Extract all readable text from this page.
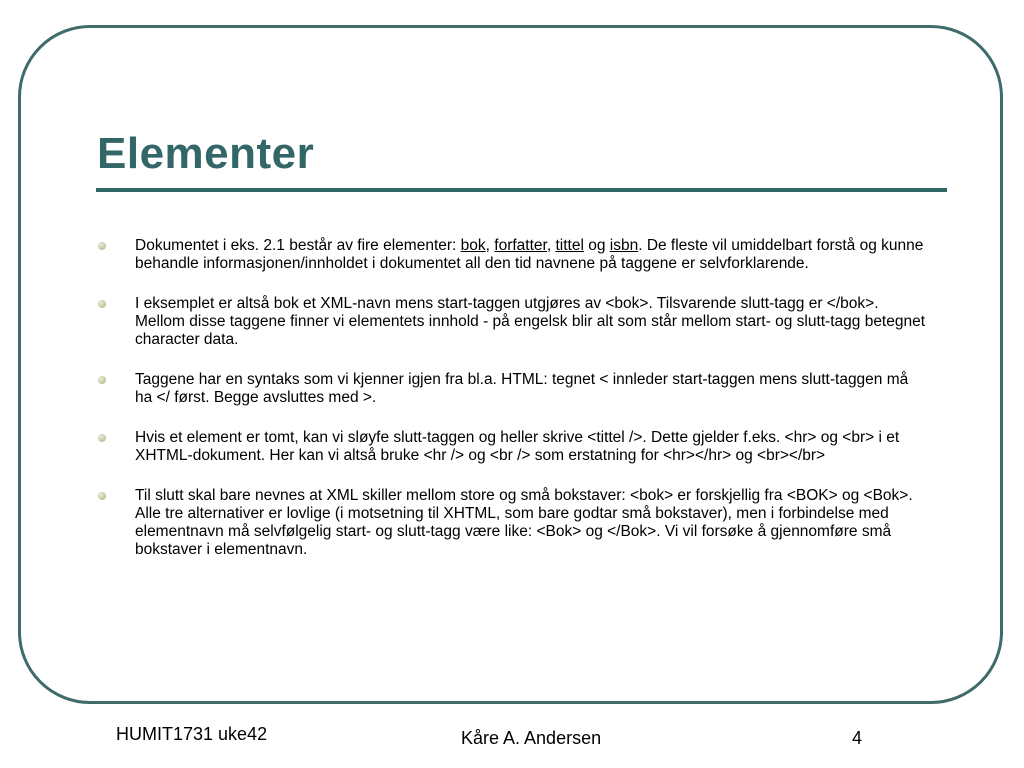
Elementer
Dokumentet i eks. 2.1 består av fire elementer: bok, forfatter, tittel og isbn. De fleste vil umiddelbart forstå og kunne behandle informasjonen/innholdet i dokumentet all den tid navnene på taggene er selvforklarende.
I eksemplet er altså bok et XML-navn mens start-taggen utgjøres av <bok>. Tilsvarende slutt-tagg er </bok>. Mellom disse taggene finner vi elementets innhold - på engelsk blir alt som står mellom start- og slutt-tagg betegnet character data.
Taggene har en syntaks som vi kjenner igjen fra bl.a. HTML: tegnet < innleder start-taggen mens slutt-taggen må ha </ først. Begge avsluttes med >.
Hvis et element er tomt, kan vi sløyfe slutt-taggen og heller skrive <tittel />. Dette gjelder f.eks. <hr> og <br> i et XHTML-dokument. Her kan vi altså bruke <hr /> og <br /> som erstatning for <hr></hr> og <br></br>
Til slutt skal bare nevnes at XML skiller mellom store og små bokstaver: <bok> er forskjellig fra <BOK> og <Bok>. Alle tre alternativer er lovlige (i motsetning til XHTML, som bare godtar små bokstaver), men i forbindelse med elementnavn må selvfølgelig start- og slutt-tagg være like: <Bok> og </Bok>. Vi vil forsøke å gjennomføre små bokstaver i elementnavn.
HUMIT1731 uke42	Kåre A. Andersen	4
